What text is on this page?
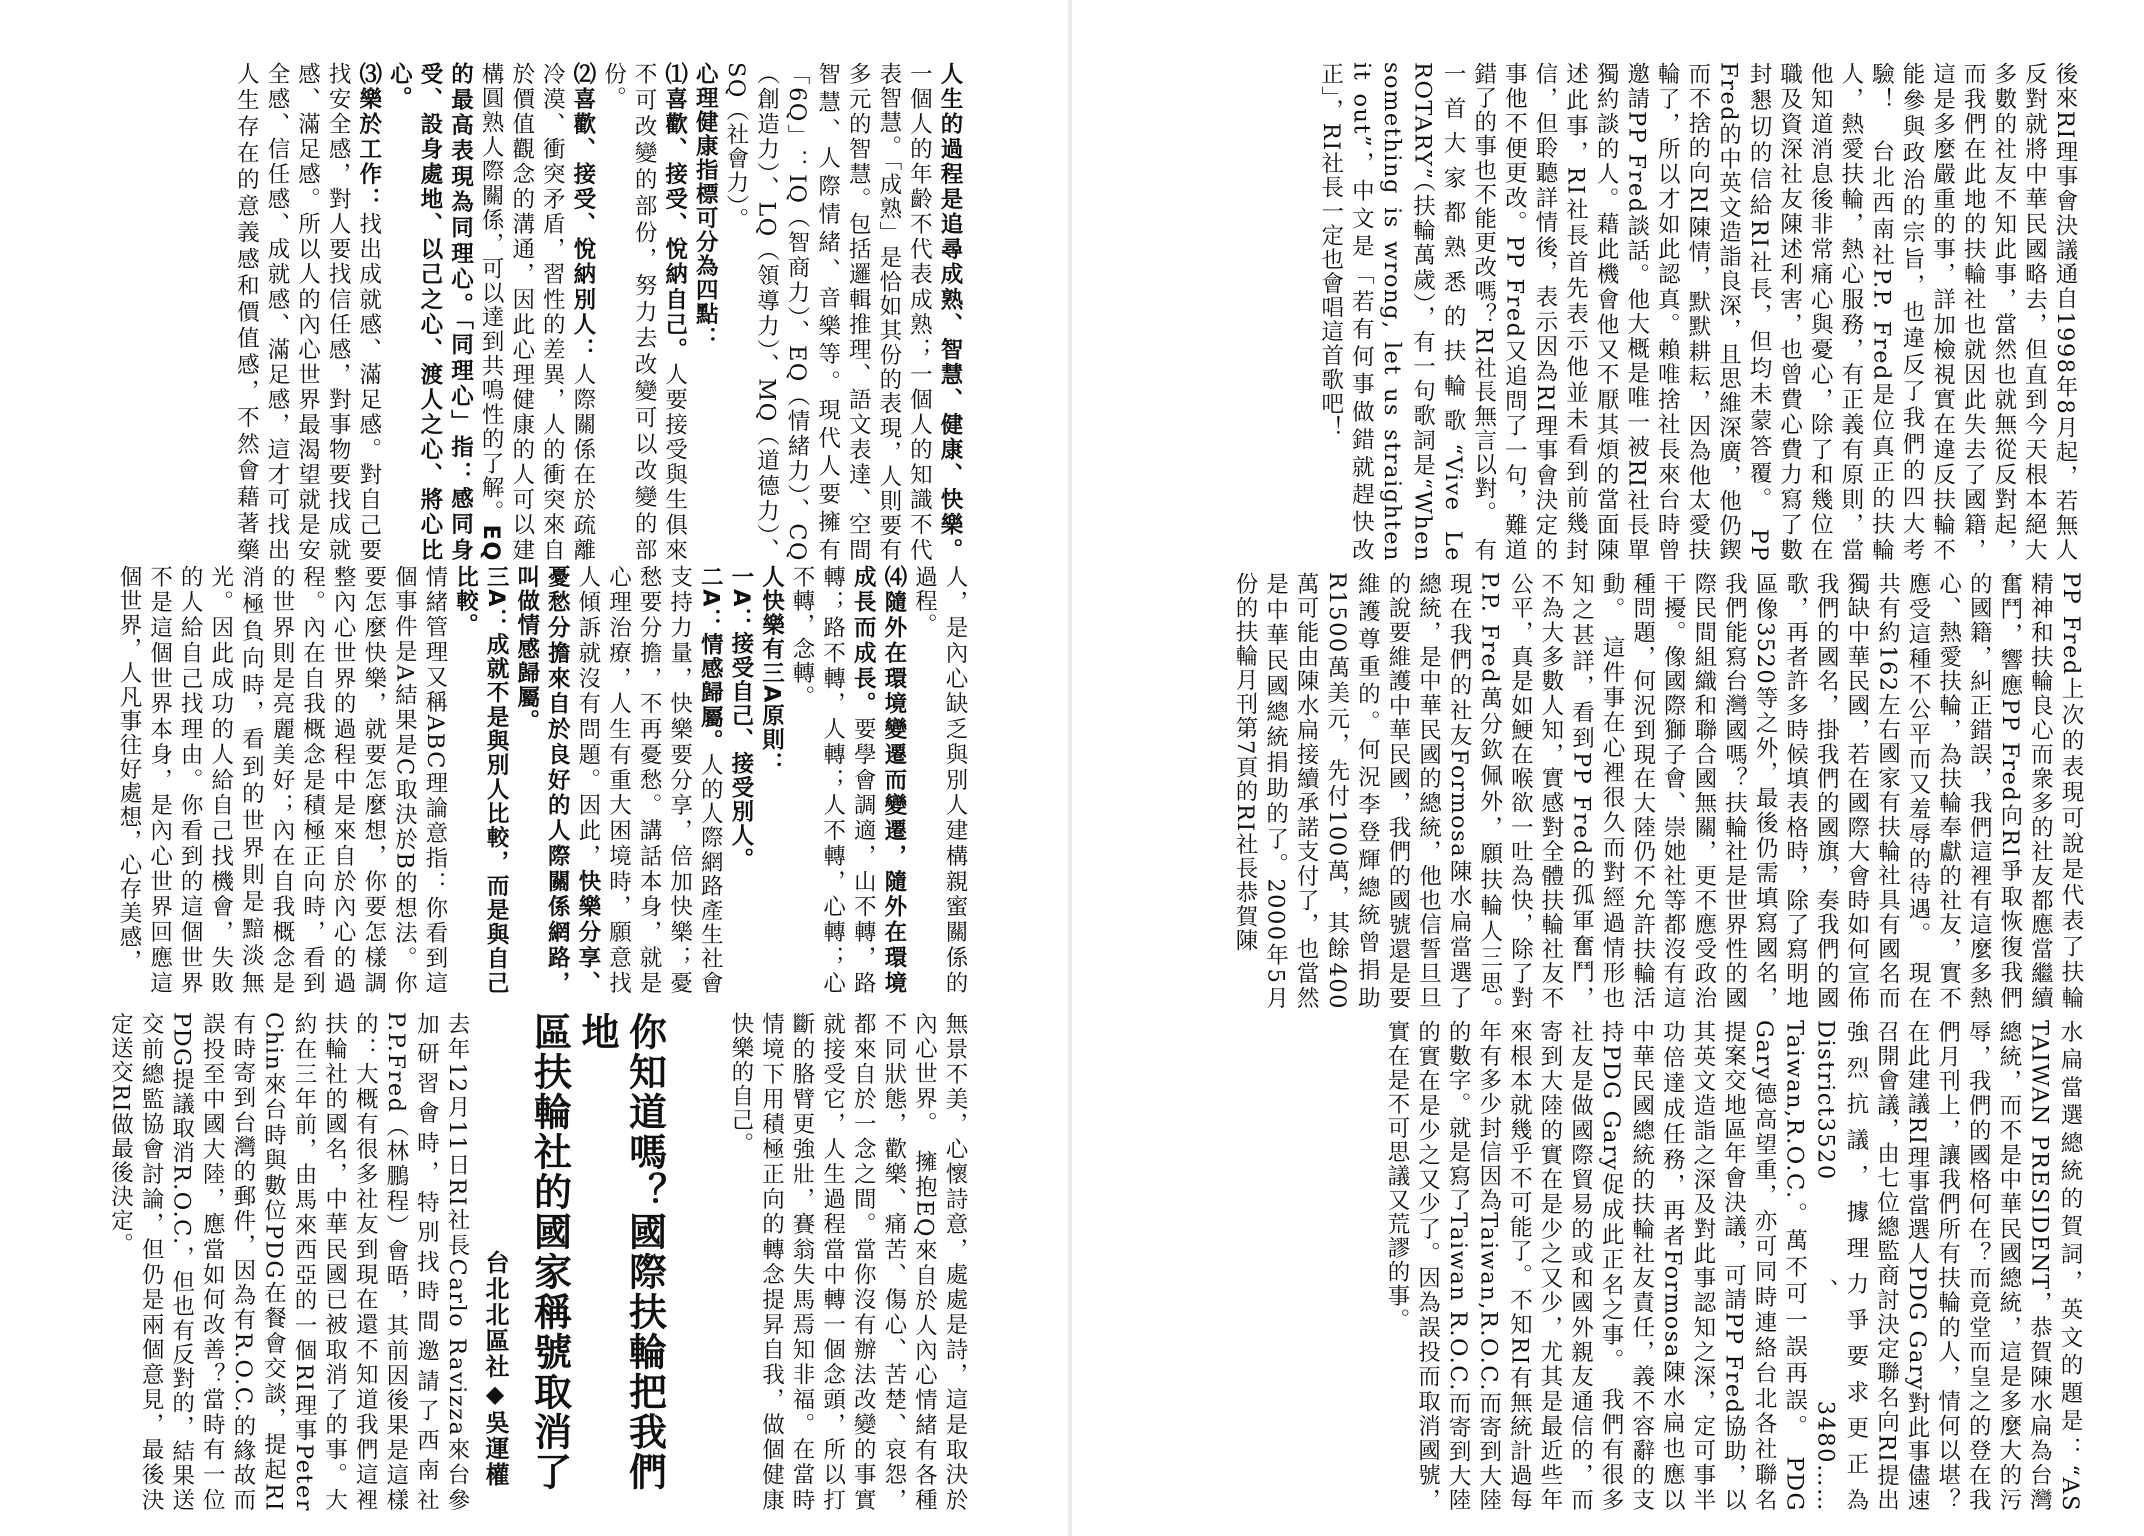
後來RI理事會決議通自1998年8月起，若無人反對就將中華民國略去，但直到今天根本絕大多數的社友不知此事，當然也就無從反對起，而我們在此地的扶輪社也就因此失去了國籍，這是多麼嚴重的事，詳加檢視實在違反扶輪不能參與政治的宗旨，也違反了我們的四大考驗！　台北西南社P.P. Fred是位真正的扶輪人，熱愛扶輪，熱心服務，有正義有原則，當他知道消息後非常痛心與憂心，除了和幾位在職及資深社友陳述利害，也曾費心費力寫了數封懇切的信給RI社長，但均未蒙答覆。　PP Fred的中英文造詣良深，且思維深廣，他仍鍥而不捨的向RI陳情，默默耕耘，因為他太愛扶輪了，所以才如此認真。賴唯捨社長來台時曾邀請PP Fred談話。他大概是唯一被RI社長單獨約談的人。藉此機會他又不厭其煩的當面陳述此事，RI社長首先表示他並未看到前幾封信，但聆聽詳情後，表示因為RI理事會決定的事他不便更改。PP Fred又追問了一句，難道錯了的事也不能更改嗎？RI社長無言以對。　有一首大家都熟悉的扶輪歌“Vive Le ROTARY”（扶輪萬歲），有一句歌詞是“When something is wrong, let us straighten it out”，中文是「若有何事做錯就趕快改正」，RI社長一定也會唱這首歌吧！

PP Fred上次的表現可說是代表了扶輪精神和扶輪良心而衆多的社友都應當繼續奮鬥，響應PP Fred向RI爭取恢復我們的國籍，糾正錯誤，我們這裡有這麼多熱心、熱愛扶輪，為扶輪奉獻的社友，實不應受這種不公平而又羞辱的待遇。　現在共有約162左右國家有扶輪社具有國名而獨缺中華民國，若在國際大會時如何宣佈我們的國名，掛我們的國旗，奏我們的國歌，再者許多時候填表格時，除了寫明地區像3520等之外，最後仍需填寫國名，我們能寫台灣國嗎？扶輪社是世界性的國際民間組織和聯合國無關，更不應受政治干擾。像國際獅子會、崇她社等都沒有這種問題，何況到現在大陸仍不允許扶輪活動。　這件事在心裡很久而對經過情形也知之甚詳，看到PP Fred的孤軍奮鬥，不為大多數人知，實感對全體扶輪社友不公平，真是如鯁在喉欲一吐為快，除了對P.P. Fred萬分欽佩外，願扶輪人三思。　現在我們的社友Formosa陳水扁當選了總統，是中華民國的總統，他也信誓旦旦的說要維護中華民國，我們的國號還是要維護尊重的。何況李登輝總統曾捐助R1500萬美元，先付100萬，其餘400萬可能由陳水扁接續承諾支付了，也當然是中華民國總統捐助的了。2000年5月份的扶輪月刊第7頁的RI社長恭賀陳

水扁當選總統的賀詞，英文的題是：“AS TAIWAN PRESIDENT，恭賀陳水扁為台灣總統，而不是中華民國總統，這是多麼大的污辱，我們的國格何在？而竟堂而皇之的登在我們月刊上，讓我們所有扶輪的人，情何以堪？　在此建議RI理事當選人PDG Gary對此事儘速召開會議，由七位總監商討決定聯名向RI提出強烈抗議，據理力爭要求更正為District3520、3480……Taiwan,R.O.C.。萬不可一誤再誤。　PDG Gary德高望重，亦可同時連絡台北各社聯名提案交地區年會決議，可請PP Fred協助，以其英文造詣之深及對此事認知之深，定可事半功倍達成任務，再者Formosa陳水扁也應以中華民國總統的扶輪社友責任，義不容辭的支持PDG Gary促成此正名之事。　我們有很多社友是做國際貿易的或和國外親友通信的，而寄到大陸的實在是少之又少，尤其是最近些年來根本就幾乎不可能了。不知RI有無統計過每年有多少封信因為Taiwan,R.O.C.而寄到大陸的數字。就是寫了Taiwan R.O.C.而寄到大陸的實在是少之又少了。因為誤投而取消國號，實在是不可思議又荒謬的事。

人生的過程是追尋成熟、智慧、健康、快樂。一個人的年齡不代表成熟；一個人的知識不代表智慧。「成熟」是恰如其份的表現，人則要有多元的智慧。包括邏輯推理、語文表達、空間智慧、人際情緒、音樂等。現代人要擁有「6Q」：IQ（智商力）、EQ（情緒力）、CQ（創造力）、LQ（領導力）、MQ（道德力）、SQ（社會力）。

心理健康指標可分為四點：

⑴喜歡、接受、悅納自己。人要接受與生俱來不可改變的部份，努力去改變可以改變的部份。

⑵喜歡、接受、悅納別人：人際關係在於疏離冷漠、衝突矛盾，習性的差異，人的衝突來自於價值觀念的溝通，因此心理健康的人可以建構圓熟人際關係，可以達到共鳴性的了解。EQ的最高表現為同理心。「同理心」指：感同身受、設身處地、以己之心、渡人之心、將心比心。

⑶樂於工作：找出成就感、滿足感。對自己要找安全感，對人要找信任感，對事物要找成就感、滿足感。所以人的內心世界最渴望就是安全感、信任感、成就感、滿足感，這才可找出人生存在的意義感和價值感，不然會藉著藥

人，是內心缺乏與別人建構親蜜關係的過程。

⑷隨外在環境變遷而變遷，隨外在環境成長而成長。要學會調適，山不轉，路轉；路不轉，人轉；人不轉，心轉；心不轉，念轉。

人快樂有三A原則：

一A：接受自己、接受別人。

二A：情感歸屬。人的人際網路產生社會支持力量，快樂要分享，倍加快樂；憂愁要分擔，不再憂愁。講話本身，就是心理治療，人生有重大困境時，願意找人傾訴就沒有問題。因此，快樂分享、憂愁分擔來自於良好的人際關係網路，叫做情感歸屬。

三A：成就不是與別人比較，而是與自己比較。

情緒管理又稱ABC理論意指：你看到這個事件是A結果是C取決於B的想法。你要怎麼快樂，就要怎麼想，你要怎樣調整內心世界的過程中是來自於內心的過程。內在自我概念是積極正向時，看到的世界則是亮麗美好；內在自我概念是消極負向時，看到的世界則是黯淡無光。因此成功的人給自己找機會，失敗的人給自己找理由。你看到的這個世界不是這個世界本身，是內心世界回應這個世界，人凡事往好處想，心存美感，

無景不美，心懷詩意，處處是詩，這是取決於內心世界。　擁抱EQ來自於人內心情緒有各種不同狀態，歡樂、痛苦、傷心、苦楚、哀怨，都來自於一念之間。當你沒有辦法改變的事實就接受它，人生過程當中轉一個念頭，所以打斷的胳臂更強壯，賽翁失馬焉知非福。在當時情境下用積極正向的轉念提昇自我，做個健康快樂的自己。

你知道嗎？國際扶輪把我們地
區扶輪社的國家稱號取消了
台北北區社◆吳運權

去年12月11日RI社長Carlo Ravizza來台參加研習會時，特別找時間邀請了西南社P.P.Fred（林鵬程）會晤，其前因後果是這樣的：大概有很多社友到現在還不知道我們這裡扶輪社的國名，中華民國已被取消了的事。大約在三年前，由馬來西亞的一個RI理事Peter Chin來台時與數位PDG在餐會交談，提起RI有時寄到台灣的郵件，因為有R.O.C.的緣故而誤投至中國大陸，應當如何改善？當時有一位PDG提議取消R.O.C.，但也有反對的，結果送交前總監協會討論，但仍是兩個意見，最後決定送交RI做最後決定。
